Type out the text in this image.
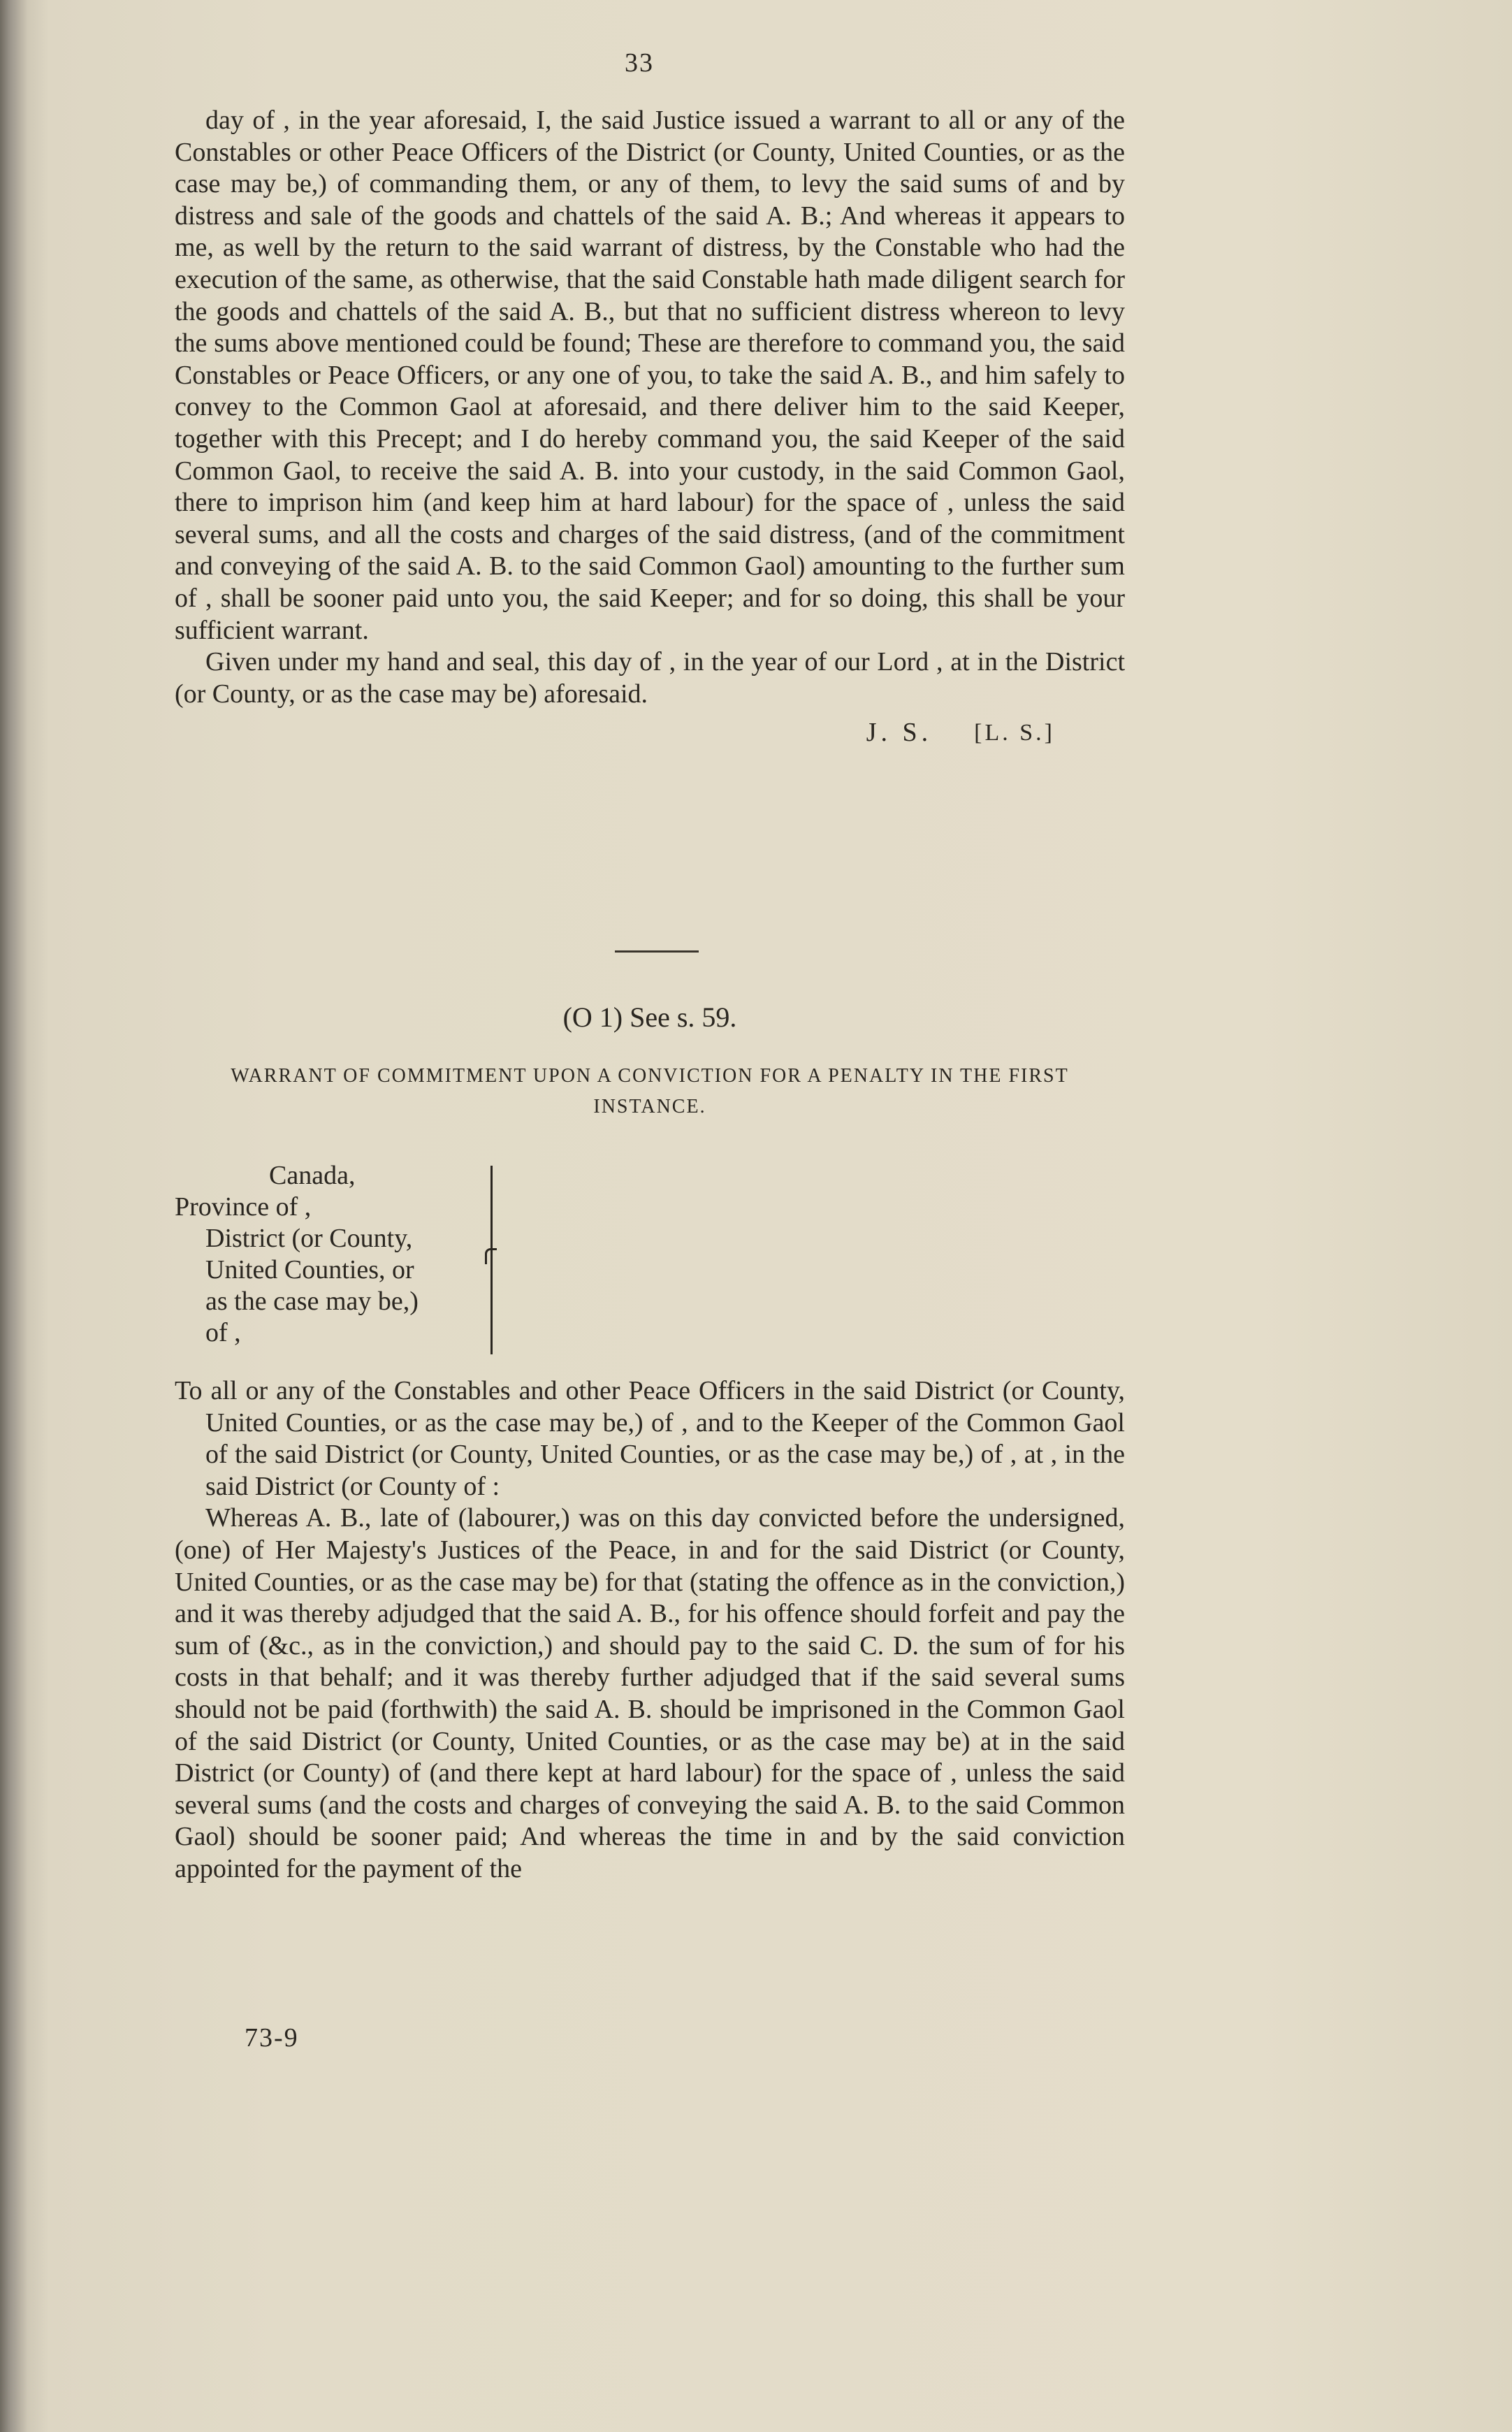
33

day of , in the year aforesaid, I, the said Justice issued a warrant to all or any of the Constables or other Peace Officers of the District (or County, United Counties, or as the case may be,) of commanding them, or any of them, to levy the said sums of and by distress and sale of the goods and chattels of the said A. B.; And whereas it appears to me, as well by the return to the said warrant of distress, by the Constable who had the execution of the same, as otherwise, that the said Constable hath made diligent search for the goods and chattels of the said A. B., but that no sufficient distress whereon to levy the sums above mentioned could be found; These are therefore to command you, the said Constables or Peace Officers, or any one of you, to take the said A. B., and him safely to convey to the Common Gaol at aforesaid, and there deliver him to the said Keeper, together with this Precept; and I do hereby command you, the said Keeper of the said Common Gaol, to receive the said A. B. into your custody, in the said Common Gaol, there to imprison him (and keep him at hard labour) for the space of , unless the said several sums, and all the costs and charges of the said distress, (and of the commitment and conveying of the said A. B. to the said Common Gaol) amounting to the further sum of , shall be sooner paid unto you, the said Keeper; and for so doing, this shall be your sufficient warrant.

Given under my hand and seal, this day of , in the year of our Lord , at in the District (or County, or as the case may be) aforesaid.

J. S. [L. S.]
(O 1) See s. 59.
WARRANT OF COMMITMENT UPON A CONVICTION FOR A PENALTY IN THE FIRST INSTANCE.
Canada,
Province of ,
District (or County,
United Counties, or
as the case may be,)
of ,

To all or any of the Constables and other Peace Officers in the said District (or County, United Counties, or as the case may be,) of , and to the Keeper of the Common Gaol of the said District (or County, United Counties, or as the case may be,) of , at , in the said District (or County of :

Whereas A. B., late of (labourer,) was on this day convicted before the undersigned, (one) of Her Majesty's Justices of the Peace, in and for the said District (or County, United Counties, or as the case may be) for that (stating the offence as in the conviction,) and it was thereby adjudged that the said A. B., for his offence should forfeit and pay the sum of (&c., as in the conviction,) and should pay to the said C. D. the sum of for his costs in that behalf; and it was thereby further adjudged that if the said several sums should not be paid (forthwith) the said A. B. should be imprisoned in the Common Gaol of the said District (or County, United Counties, or as the case may be) at in the said District (or County) of (and there kept at hard labour) for the space of , unless the said several sums (and the costs and charges of conveying the said A. B. to the said Common Gaol) should be sooner paid; And whereas the time in and by the said conviction appointed for the payment of the

73-9
